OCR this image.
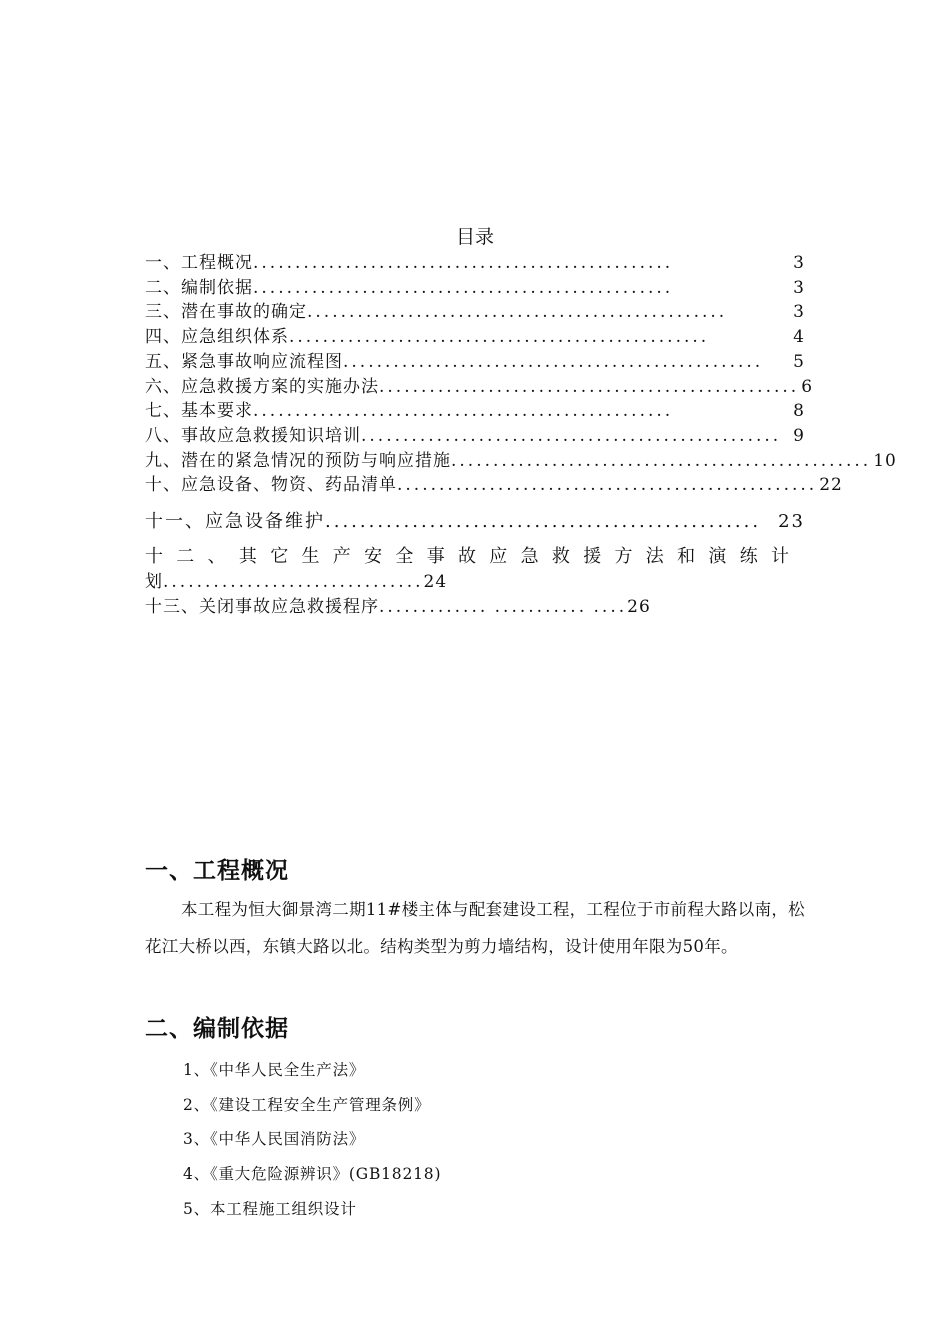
目录
一、工程概况 ..................................................	3
二、编制依据 ..................................................	3
三、潜在事故的确定 ..................................................	3
四、应急组织体系 ..................................................	4
五、紧急事故响应流程图 ..................................................	5
六、应急救援方案的实施办法 .................................................. 6
七、基本要求 ..................................................	8
八、事故应急救援知识培训 .................................................. 9
九、潜在的紧急情况的预防与响应措施 .................................................. 10
十、应急设备、物资、药品清单 .................................................. 22
十一、应急设备维护 .................................................. 23
十二、其它生产安全事故应急救援方法和演练计
划...............................24
十三、关闭事故应急救援程序............. ........... ....26
一、工程概况
本工程为恒大御景湾二期11#楼主体与配套建设工程，工程位于市前程大路以南，松花江大桥以西，东镇大路以北。结构类型为剪力墙结构，设计使用年限为50年。
二、编制依据
1、《中华人民全生产法》
2、《建设工程安全生产管理条例》
3、《中华人民国消防法》
4、《重大危险源辨识》(GB18218)
5、本工程施工组织设计
